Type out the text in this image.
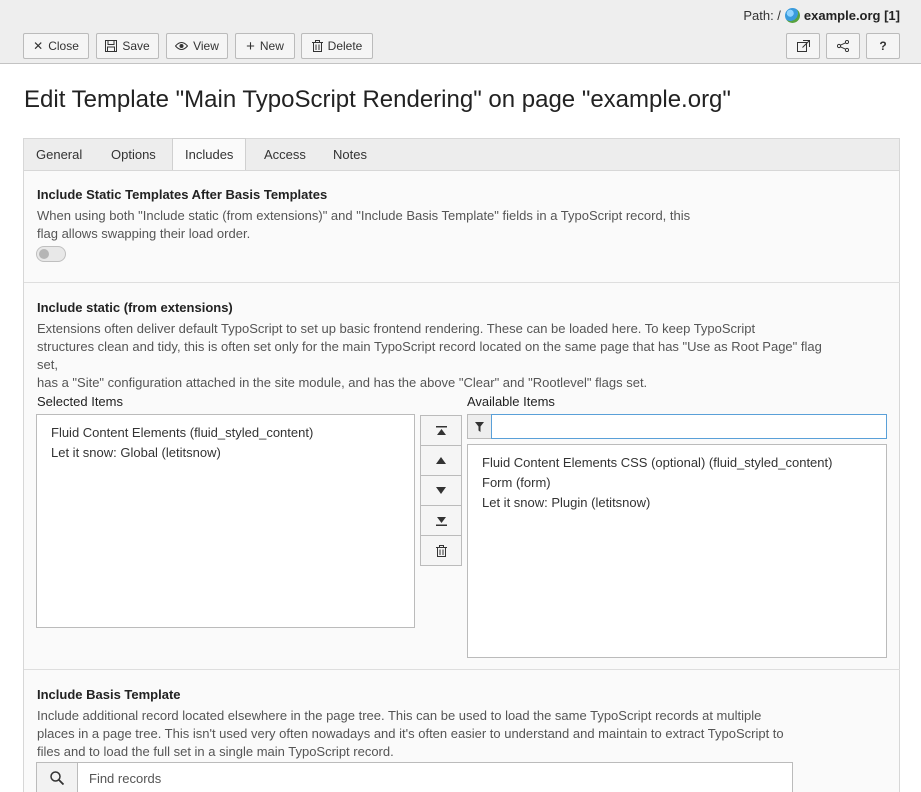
Path: / example.org [1]
✕ Close	Save	View + New	Delete	?
Edit Template "Main TypoScript Rendering" on page "example.org"
General	Options	Includes	Access	Notes
Include Static Templates After Basis Templates
When using both "Include static (from extensions)" and "Include Basis Template" fields in a TypoScript record, this
flag allows swapping their load order.
Include static (from extensions)
Extensions often deliver default TypoScript to set up basic frontend rendering. These can be loaded here. To keep TypoScript
structures clean and tidy, this is often set only for the main TypoScript record located on the same page that has "Use as Root Page" flag
set,
has a "Site" configuration attached in the site module, and has the above "Clear" and "Rootlevel" flags set.
Selected Items	Available Items
Fluid Content Elements (fluid_styled_content)
Let it snow: Global (letitsnow)
Fluid Content Elements CSS (optional) (fluid_styled_content)
Form (form)
Let it snow: Plugin (letitsnow)
Include Basis Template
Include additional record located elsewhere in the page tree. This can be used to load the same TypoScript records at multiple
places in a page tree. This isn't used very often nowadays and it's often easier to understand and maintain to extract TypoScript to
files and to load the full set in a single main TypoScript record.
Find records
